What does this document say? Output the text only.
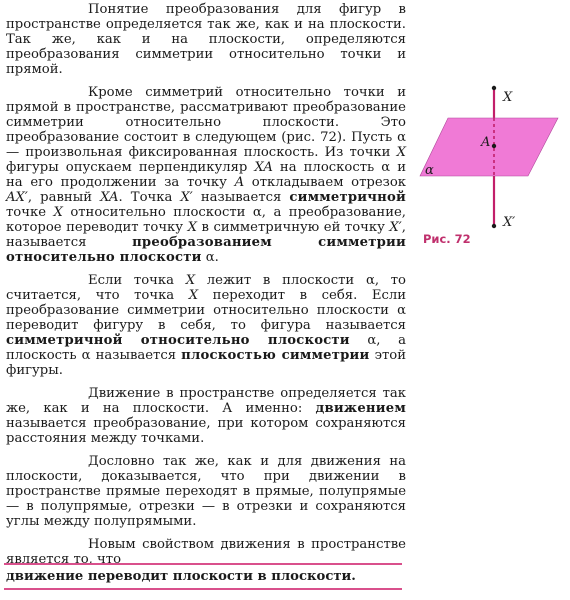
Понятие преобразования для фигур в пространстве определяется так же, как и на плоскости. Так же, как и на плоскости, определяются преобразования симметрии относительно точки и прямой.

Кроме симметрий относительно точки и прямой в пространстве, рассматривают преобразование симметрии относительно плоскости. Это преобразование состоит в следующем (рис. 72). Пусть α — произвольная фиксированная плоскость. Из точки X фигуры опускаем перпендикуляр XA на плоскость α и на его продолжении за точку A откладываем отрезок AX′, равный XA. Точка X′ называется симметричной точке X относительно плоскости α, а преобразование, которое переводит точку X в симметричную ей точку X′, называется преобразованием симметрии относительно плоскости α.

Если точка X лежит в плоскости α, то считается, что точка X переходит в себя. Если преобразование симметрии относительно плоскости α переводит фигуру в себя, то фигура называется симметричной относительно плоскости α, а плоскость α называется плоскостью симметрии этой фигуры.

Движение в пространстве определяется так же, как и на плоскости. А именно: движением называется преобразование, при котором сохраняются расстояния между точками.

Дословно так же, как и для движения на плоскости, доказывается, что при движении в пространстве прямые переходят в прямые, полупрямые — в полупрямые, отрезки — в отрезки и сохраняются углы между полупрямыми.

Новым свойством движения в пространстве является то, что

движение переводит плоскости в плоскости.
X
A
α
X′
Рис. 72
